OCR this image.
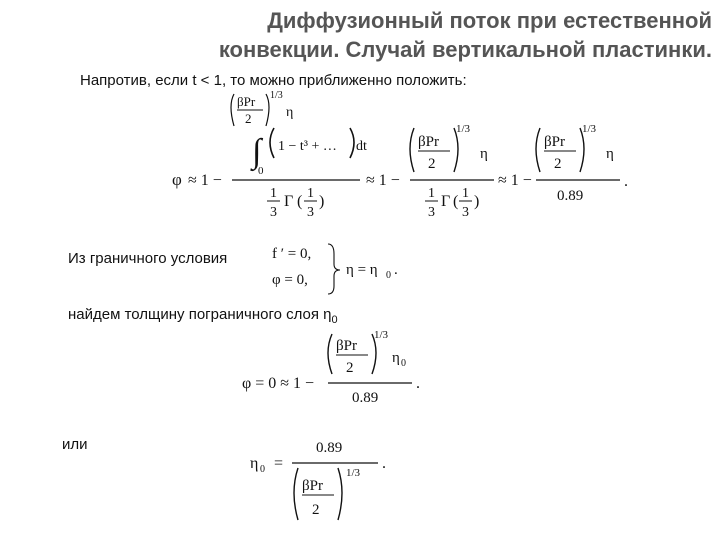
Диффузионный поток при естественной
конвекции. Случай вертикальной пластинки.
Напротив, если t < 1, то можно приближенно положить:
φ ≈ 1 −
βPr
2
1/3
η
∫
0
1 − t³ + … dt
1
3
Γ ( 1
3
)
≈ 1 −
βPr
2
1/3
η
1
3
Γ ( 1
3
)
≈ 1 −
βPr
2
1/3
η
0.89
.
Из граничного условия	f ′ = 0,
φ = 0,
η = η 0 .
найдем толщину пограничного слоя $\eta_0$
φ = 0 ≈ 1 −
βPr
2
1/3
η 0
0.89
.
или
η 0 =
0.89
βPr
2
1/3
.
